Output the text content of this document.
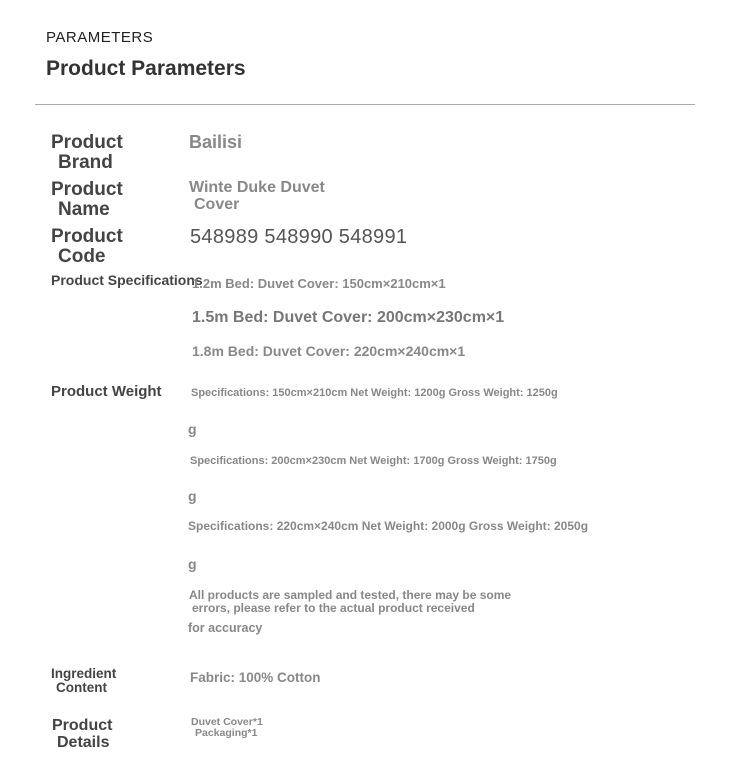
PARAMETERS
Product Parameters
Product
Brand
Bailisi
Product
Name
Winte Duke Duvet
Cover
Product
Code
548989 548990 548991
Product Specifications
1.2m Bed: Duvet Cover: 150cm×210cm×1
1.5m Bed: Duvet Cover: 200cm×230cm×1
1.8m Bed: Duvet Cover: 220cm×240cm×1
Product Weight	Specifications: 150cm×210cm Net Weight: 1200g Gross Weight: 1250g
g
Specifications: 200cm×230cm Net Weight: 1700g Gross Weight: 1750g
g
Specifications: 220cm×240cm Net Weight: 2000g Gross Weight: 2050g
g
All products are sampled and tested, there may be some
errors, please refer to the actual product received
for accuracy
Ingredient
Content
Fabric: 100% Cotton
Product
Details
Duvet Cover*1
Packaging*1
